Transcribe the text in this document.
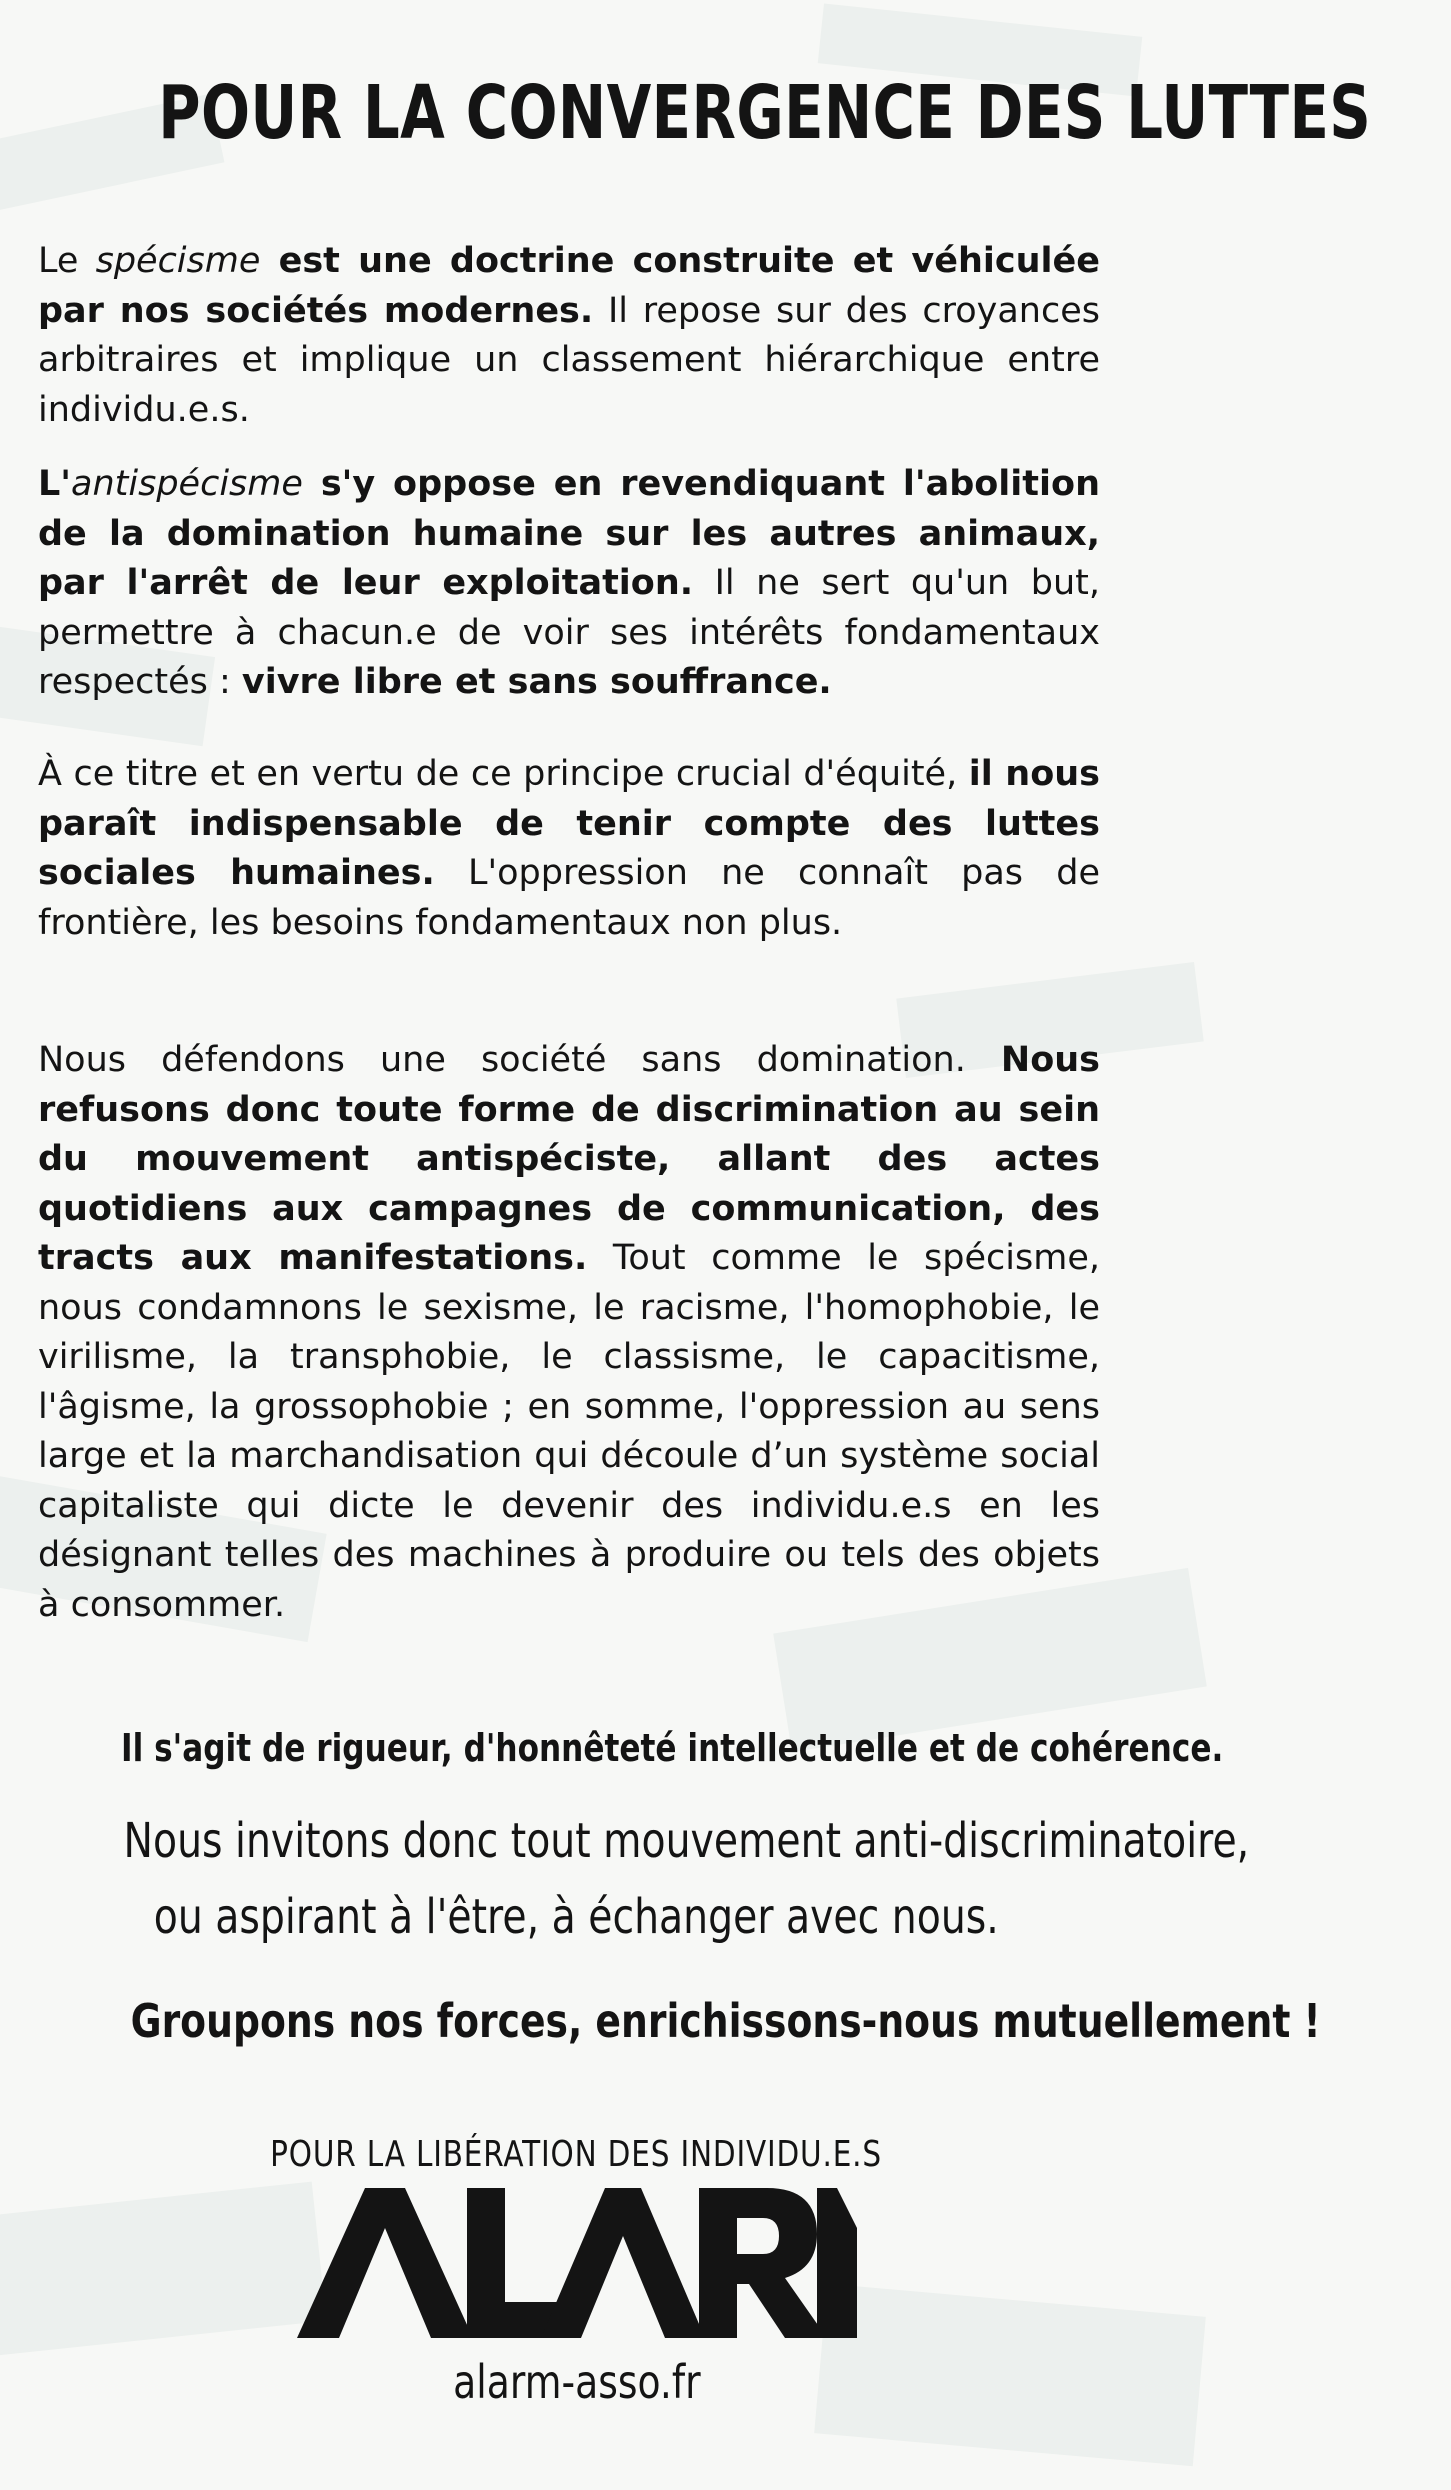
POUR LA CONVERGENCE DES LUTTES

Le spécisme est une doctrine construite et véhiculée par nos sociétés modernes. Il repose sur des croyances arbitraires et implique un classement hiérarchique entre individu.e.s.

L'antispécisme s'y oppose en revendiquant l'abolition de la domination humaine sur les autres animaux, par l'arrêt de leur exploitation. Il ne sert qu'un but, permettre à chacun.e de voir ses intérêts fondamentaux respectés : vivre libre et sans souffrance.

À ce titre et en vertu de ce principe crucial d'équité, il nous paraît indispensable de tenir compte des luttes sociales humaines. L'oppression ne connaît pas de frontière, les besoins fondamentaux non plus.

Nous défendons une société sans domination. Nous refusons donc toute forme de discrimination au sein du mouvement antispéciste, allant des actes quotidiens aux campagnes de communication, des tracts aux manifestations. Tout comme le spécisme, nous condamnons le sexisme, le racisme, l'homophobie, le virilisme, la transphobie, le classisme, le capacitisme, l'âgisme, la grossophobie ; en somme, l'oppression au sens large et la marchandisation qui découle d’un système social capitaliste qui dicte le devenir des individu.e.s en les désignant telles des machines à produire ou tels des objets à consommer.

Il s'agit de rigueur, d'honnêteté intellectuelle et de cohérence.

Nous invitons donc tout mouvement anti-discriminatoire,

ou aspirant à l'être, à échanger avec nous.

Groupons nos forces, enrichissons-nous mutuellement !

POUR LA LIBÉRATION DES INDIVIDU.E.S

alarm-asso.fr
